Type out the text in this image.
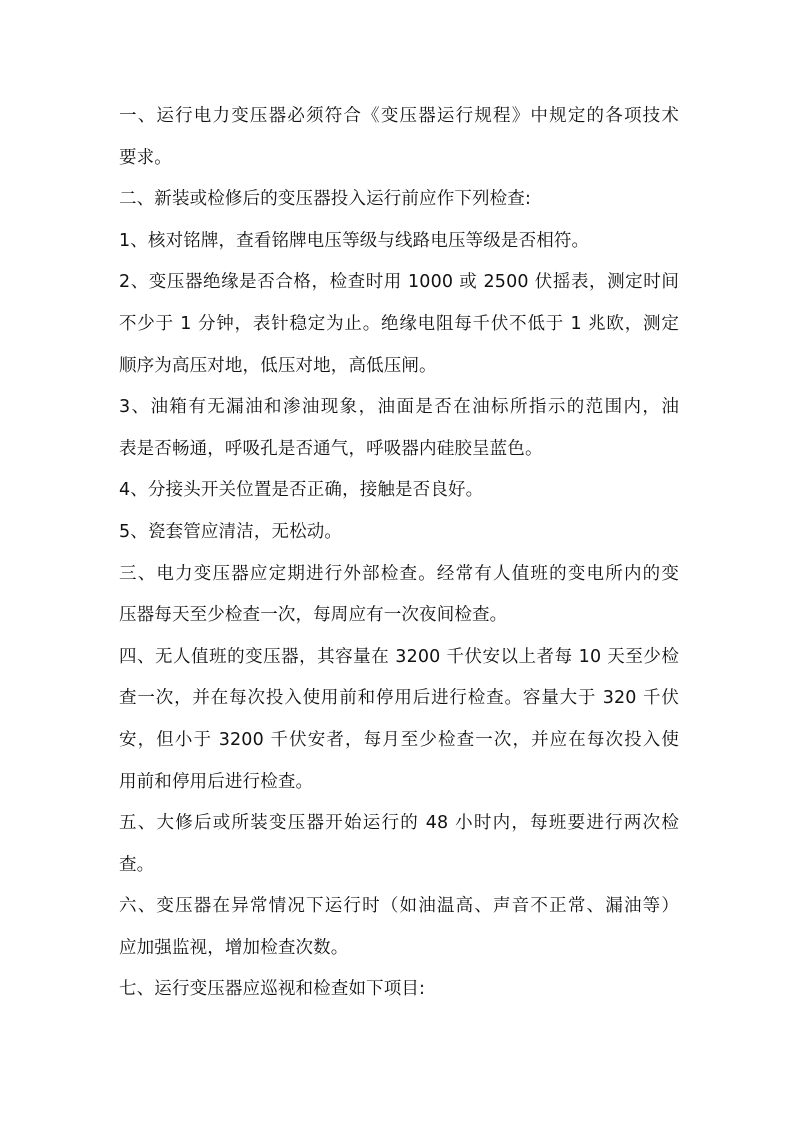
一、运行电力变压器必须符合《变压器运行规程》中规定的各项技术
要求。
二、新装或检修后的变压器投入运行前应作下列检查:
1、核对铭牌，查看铭牌电压等级与线路电压等级是否相符。
2、变压器绝缘是否合格，检查时用 1000 或 2500 伏摇表，测定时间
不少于 1 分钟，表针稳定为止。绝缘电阻每千伏不低于 1 兆欧，测定
顺序为高压对地，低压对地，高低压闸。
3、油箱有无漏油和渗油现象，油面是否在油标所指示的范围内，油
表是否畅通，呼吸孔是否通气，呼吸器内硅胶呈蓝色。
4、分接头开关位置是否正确，接触是否良好。
5、瓷套管应清洁，无松动。
三、电力变压器应定期进行外部检查。经常有人值班的变电所内的变
压器每天至少检查一次，每周应有一次夜间检查。
四、无人值班的变压器，其容量在 3200 千伏安以上者每 10 天至少检
查一次，并在每次投入使用前和停用后进行检查。容量大于 320 千伏
安，但小于 3200 千伏安者，每月至少检查一次，并应在每次投入使
用前和停用后进行检查。
五、大修后或所装变压器开始运行的 48 小时内，每班要进行两次检
查。
六、变压器在异常情况下运行时（如油温高、声音不正常、漏油等）
应加强监视，增加检查次数。
七、运行变压器应巡视和检查如下项目:
